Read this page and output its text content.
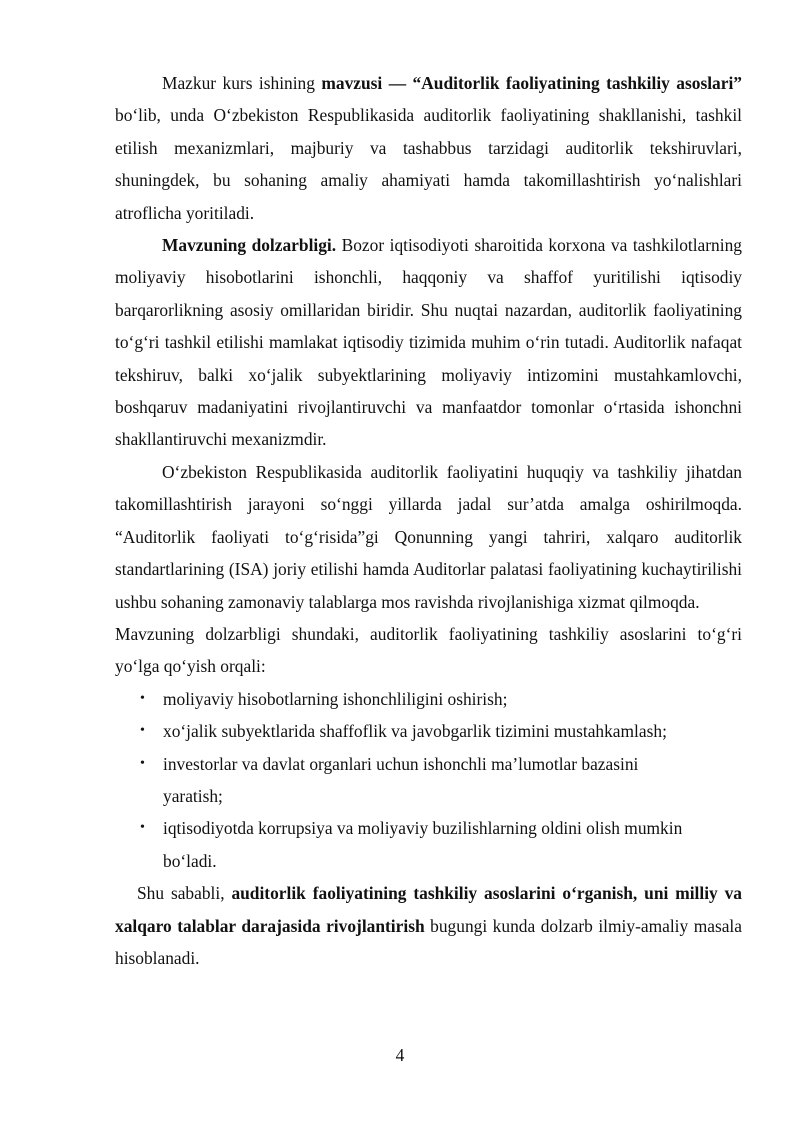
Mazkur kurs ishining mavzusi — “Auditorlik faoliyatining tashkiliy asoslari” bo‘lib, unda O‘zbekiston Respublikasida auditorlik faoliyatining shakllanishi, tashkil etilish mexanizmlari, majburiy va tashabbus tarzidagi auditorlik tekshiruvlari, shuningdek, bu sohaning amaliy ahamiyati hamda takomillashtirish yo‘nalishlari atroflicha yoritiladi.

Mavzuning dolzarbligi. Bozor iqtisodiyoti sharoitida korxona va tashkilotlarning moliyaviy hisobotlarini ishonchli, haqqoniy va shaffof yuritilishi iqtisodiy barqarorlikning asosiy omillaridan biridir. Shu nuqtai nazardan, auditorlik faoliyatining to‘g‘ri tashkil etilishi mamlakat iqtisodiy tizimida muhim o‘rin tutadi. Auditorlik nafaqat tekshiruv, balki xo‘jalik subyektlarining moliyaviy intizomini mustahkamlovchi, boshqaruv madaniyatini rivojlantiruvchi va manfaatdor tomonlar o‘rtasida ishonchni shakllantiruvchi mexanizmdir.

O‘zbekiston Respublikasida auditorlik faoliyatini huquqiy va tashkiliy jihatdan takomillashtirish jarayoni so‘nggi yillarda jadal sur’atda amalga oshirilmoqda. “Auditorlik faoliyati to‘g‘risida”gi Qonunning yangi tahriri, xalqaro auditorlik standartlarining (ISA) joriy etilishi hamda Auditorlar palatasi faoliyatining kuchaytirilishi ushbu sohaning zamonaviy talablarga mos ravishda rivojlanishiga xizmat qilmoqda.

Mavzuning dolzarbligi shundaki, auditorlik faoliyatining tashkiliy asoslarini to‘g‘ri yo‘lga qo‘yish orqali:

• moliyaviy hisobotlarning ishonchliligini oshirish;
• xo‘jalik subyektlarida shaffoflik va javobgarlik tizimini mustahkamlash;
• investorlar va davlat organlari uchun ishonchli ma’lumotlar bazasini yaratish;
• iqtisodiyotda korrupsiya va moliyaviy buzilishlarning oldini olish mumkin bo‘ladi.

Shu sababli, auditorlik faoliyatining tashkiliy asoslarini o‘rganish, uni milliy va xalqaro talablar darajasida rivojlantirish bugungi kunda dolzarb ilmiy-amaliy masala hisoblanadi.

4
